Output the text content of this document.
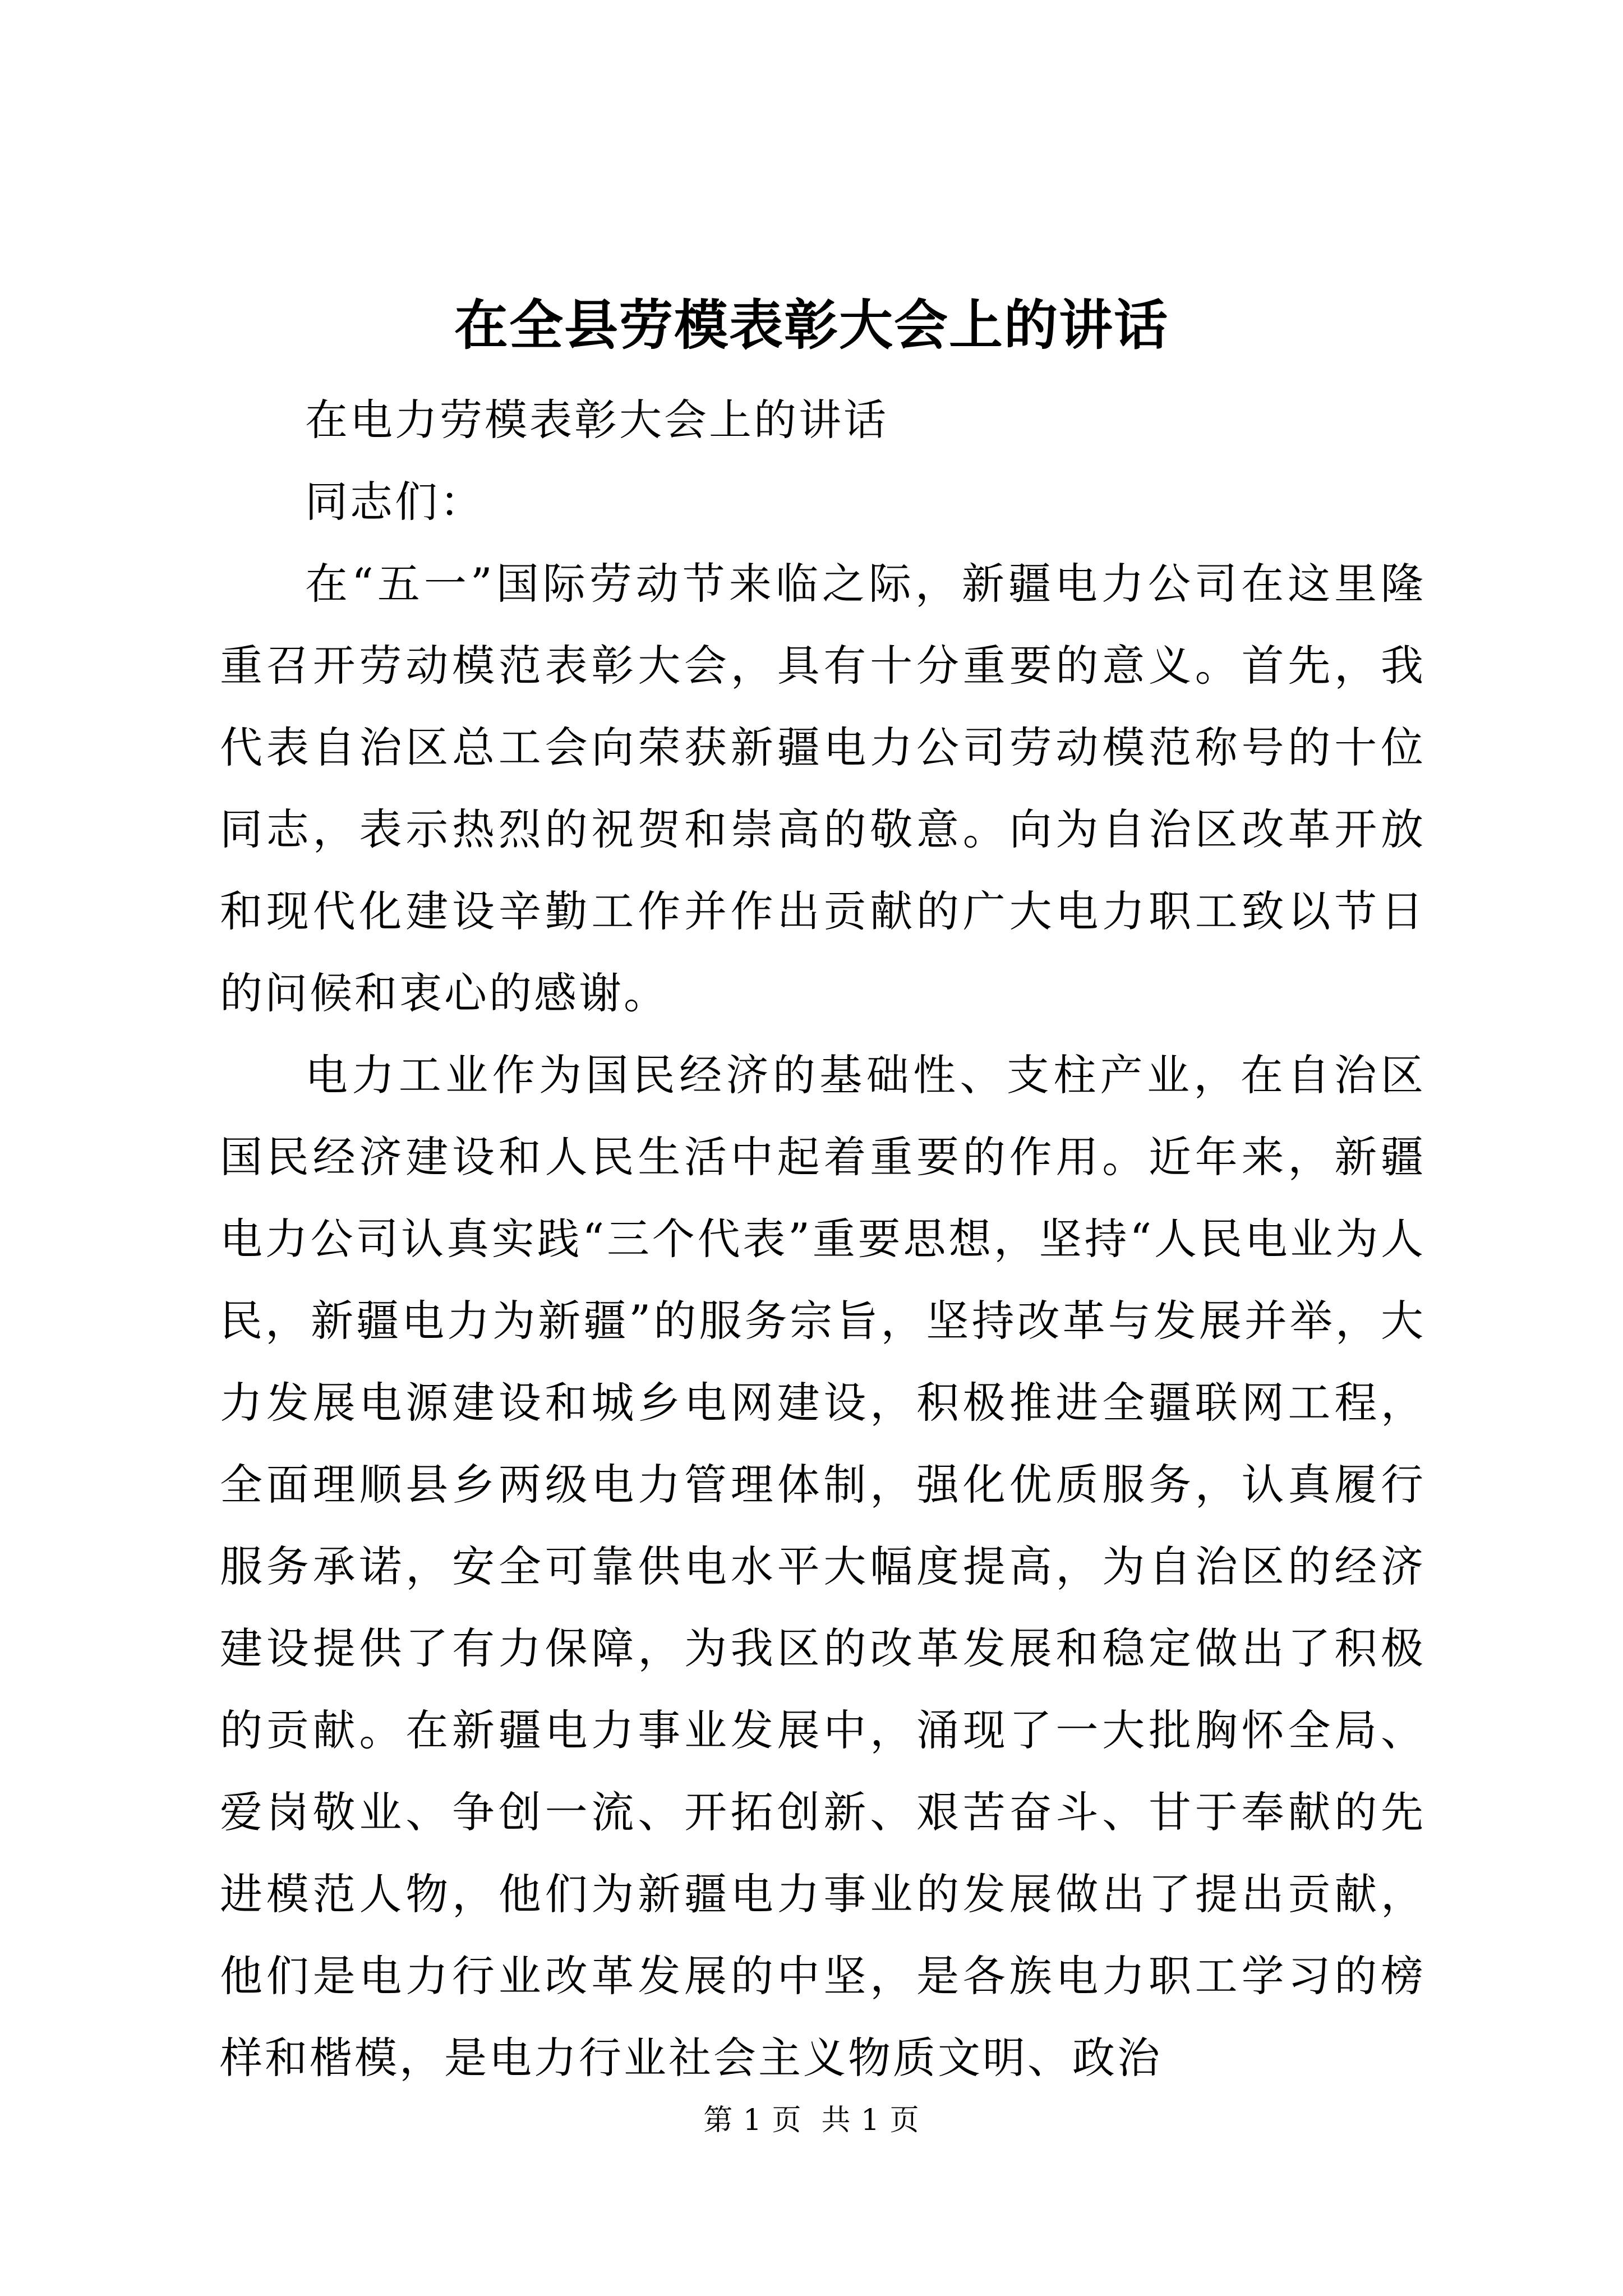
在全县劳模表彰大会上的讲话

在电力劳模表彰大会上的讲话

同志们：

在“五一”国际劳动节来临之际，新疆电力公司在这里隆重召开劳动模范表彰大会，具有十分重要的意义。首先，我代表自治区总工会向荣获新疆电力公司劳动模范称号的十位同志，表示热烈的祝贺和崇高的敬意。向为自治区改革开放和现代化建设辛勤工作并作出贡献的广大电力职工致以节日的问候和衷心的感谢。

电力工业作为国民经济的基础性、支柱产业，在自治区国民经济建设和人民生活中起着重要的作用。近年来，新疆电力公司认真实践“三个代表”重要思想，坚持“人民电业为人民，新疆电力为新疆”的服务宗旨，坚持改革与发展并举，大力发展电源建设和城乡电网建设，积极推进全疆联网工程，全面理顺县乡两级电力管理体制，强化优质服务，认真履行服务承诺，安全可靠供电水平大幅度提高，为自治区的经济建设提供了有力保障，为我区的改革发展和稳定做出了积极的贡献。在新疆电力事业发展中，涌现了一大批胸怀全局、爱岗敬业、争创一流、开拓创新、艰苦奋斗、甘于奉献的先进模范人物，他们为新疆电力事业的发展做出了提出贡献，他们是电力行业改革发展的中坚，是各族电力职工学习的榜样和楷模，是电力行业社会主义物质文明、政治

第 1 页  共 1 页
